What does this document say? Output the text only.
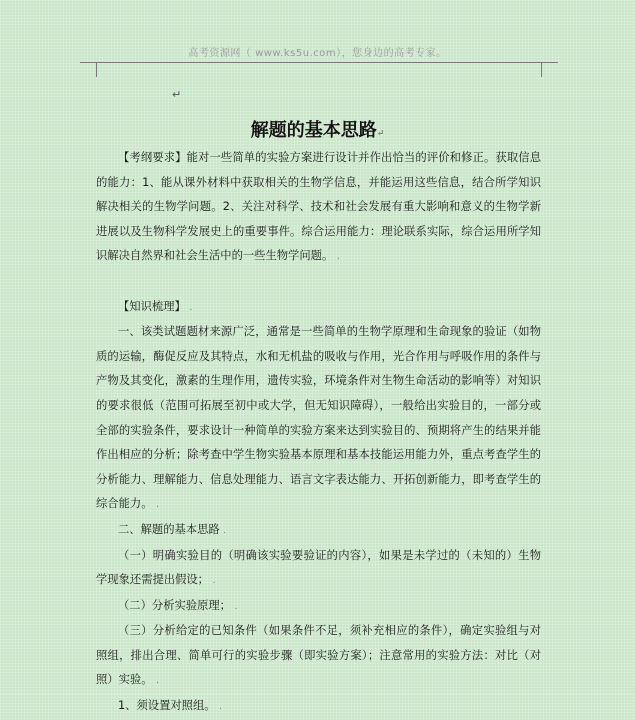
高考资源网（ www.ks5u.com），您身边的高考专家。
↵
解题的基本思路↵

【考纲要求】能对一些简单的实验方案进行设计并作出恰当的评价和修正。获取信息的能力：1、能从课外材料中获取相关的生物学信息，并能运用这些信息，结合所学知识解决相关的生物学问题。2、关注对科学、技术和社会发展有重大影响和意义的生物学新进展以及生物科学发展史上的重要事件。综合运用能力：理论联系实际，综合运用所学知识解决自然界和社会生活中的一些生物学问题。 .

【知识梳理】 .

一、该类试题题材来源广泛，通常是一些简单的生物学原理和生命现象的验证（如物质的运输，酶促反应及其特点，水和无机盐的吸收与作用，光合作用与呼吸作用的条件与产物及其变化，激素的生理作用，遗传实验，环境条件对生物生命活动的影响等）对知识的要求很低（范围可拓展至初中或大学，但无知识障碍），一般给出实验目的，一部分或全部的实验条件，要求设计一种简单的实验方案来达到实验目的、预期将产生的结果并能作出相应的分析；除考查中学生物实验基本原理和基本技能运用能力外，重点考查学生的分析能力、理解能力、信息处理能力、语言文字表达能力、开拓创新能力，即考查学生的综合能力。 .

二、解题的基本思路 .

（一）明确实验目的（明确该实验要验证的内容），如果是未学过的（未知的）生物学现象还需提出假设； .

（二）分析实验原理； .

（三）分析给定的已知条件（如果条件不足，须补充相应的条件），确定实验组与对照组，排出合理、简单可行的实验步骤（即实验方案）；注意常用的实验方法：对比（对照）实验。 .

1、须设置对照组。 .
